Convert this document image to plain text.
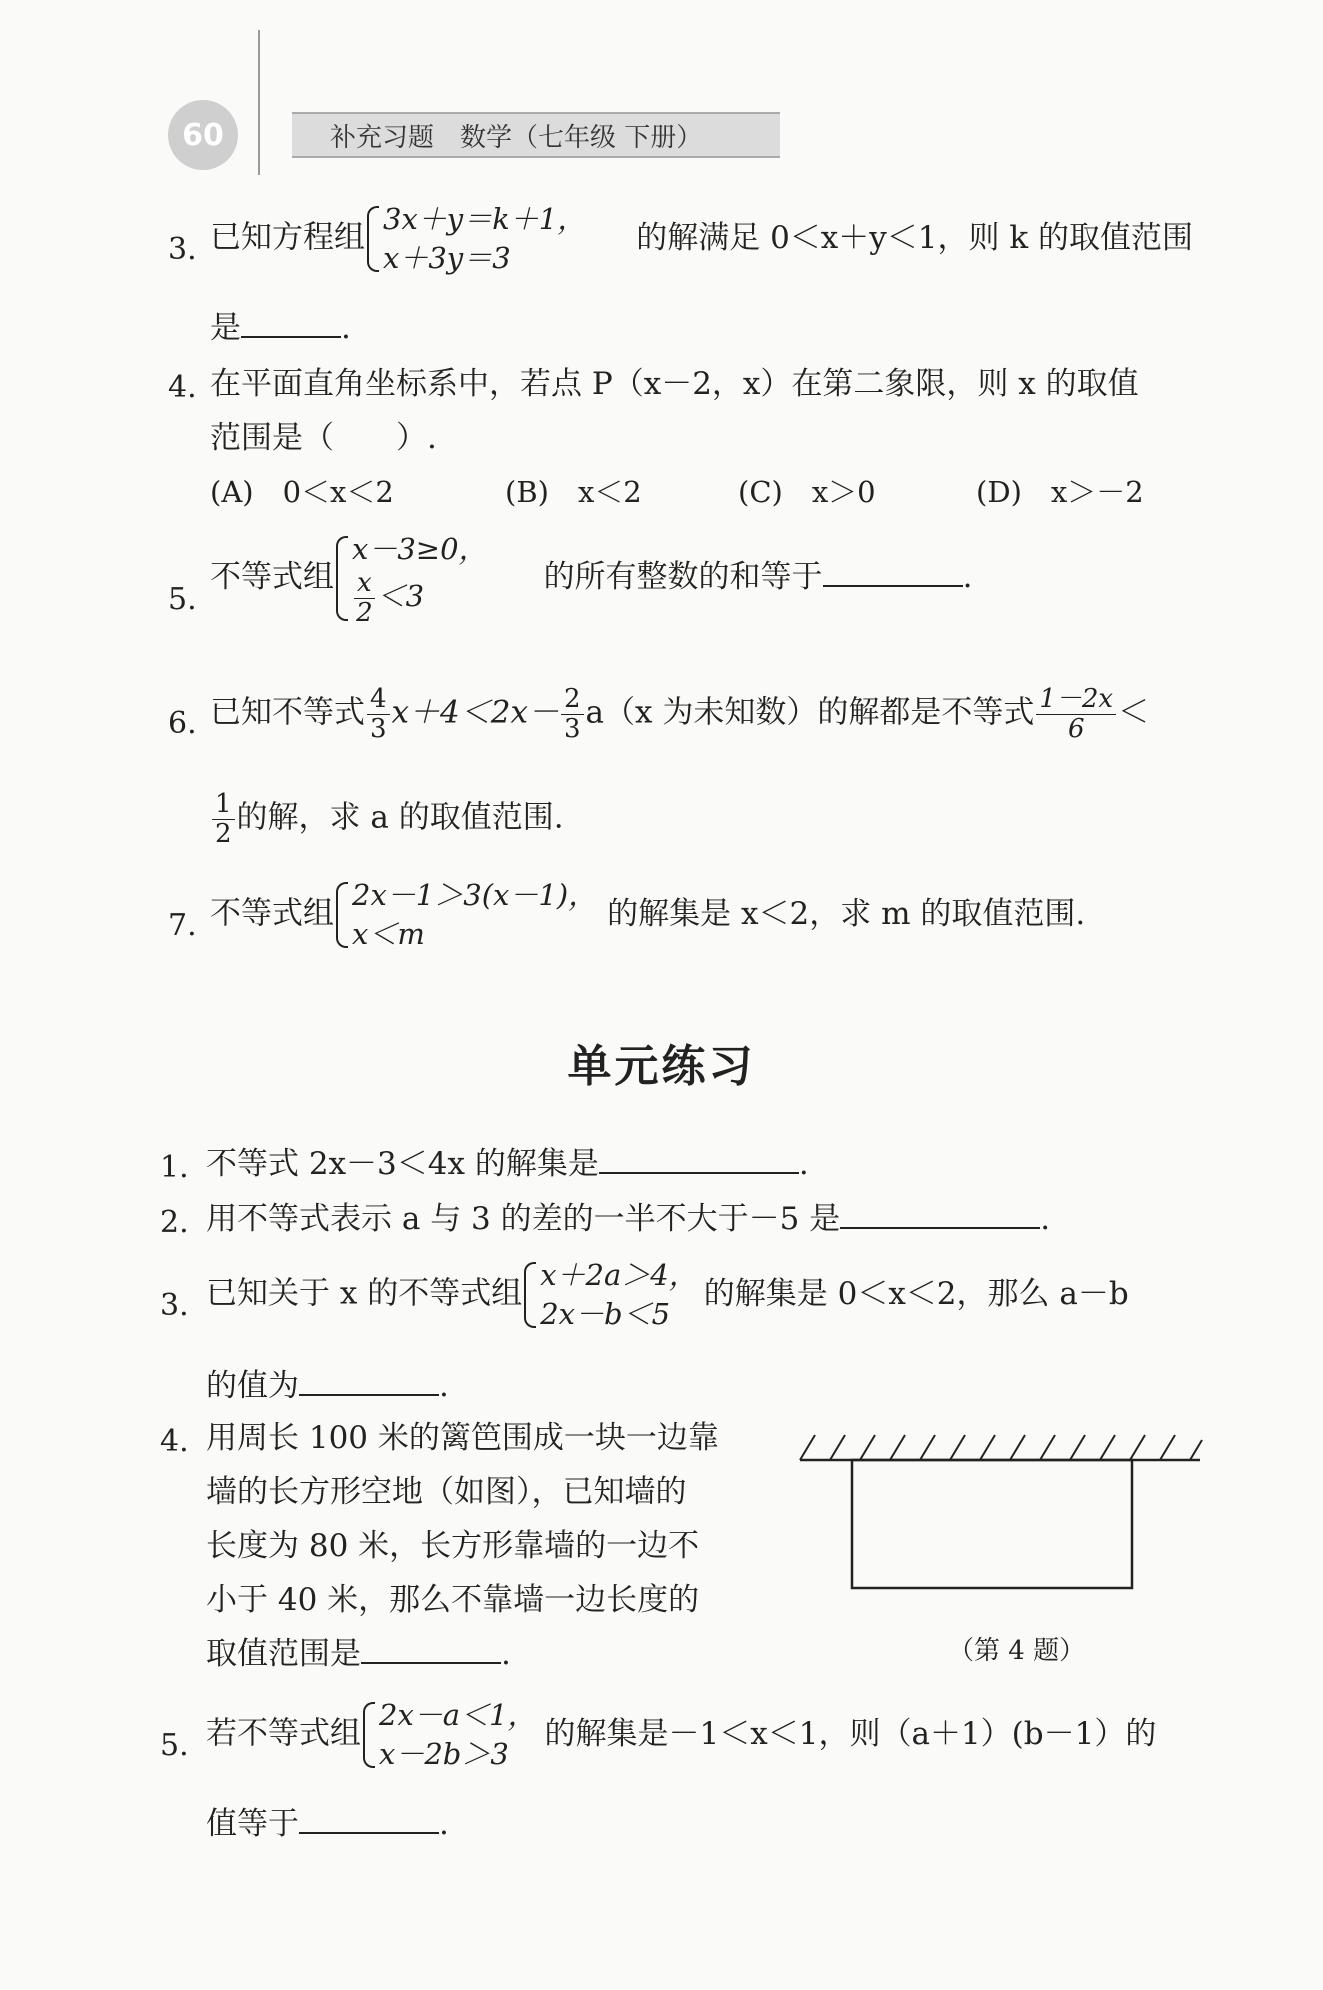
60	补充习题　数学（七年级 下册）
3. 已知方程组
3x＋y＝k＋1，
x＋3y＝3
的解满足 0＜x＋y＜1，则 k 的取值范围
是	.
4. 在平面直角坐标系中，若点 P（x－2，x）在第二象限，则 x 的取值
范围是（　　）.
(A)　0＜x＜2	(B)　x＜2	(C)　x＞0	(D)　x＞－2
5.
不等式组
x－3≥0，
$\frac{x}{2} <3$
的所有整数的和等于	.
6. 已知不等式 $\frac{4}{3} x+4<2x- \frac{2}{3} a(x$ 为未知数）的解都是不等式 $\frac{1-2x}{6}$ ＜
$\frac{1}{2}$ 的解，求 a 的取值范围.
7. 不等式组
2x－1＞3(x－1)，
x＜m
的解集是 x＜2，求 m 的取值范围.
单元练习
1. 不等式 2x－3＜4x 的解集是	.
2. 用不等式表示 a 与 3 的差的一半不大于－5 是	.
3. 已知关于 x 的不等式组
x＋2a＞4，
2x－b＜5
的解集是 0＜x＜2，那么 a－b
的值为	.
4. 用周长 100 米的篱笆围成一块一边靠
墙的长方形空地（如图），已知墙的
长度为 80 米，长方形靠墙的一边不
小于 40 米，那么不靠墙一边长度的
取值范围是	.	（第 4 题）
5. 若不等式组
2x－a＜1，
x－2b＞3
的解集是－1＜x＜1，则（a＋1）(b－1）的
值等于	.
